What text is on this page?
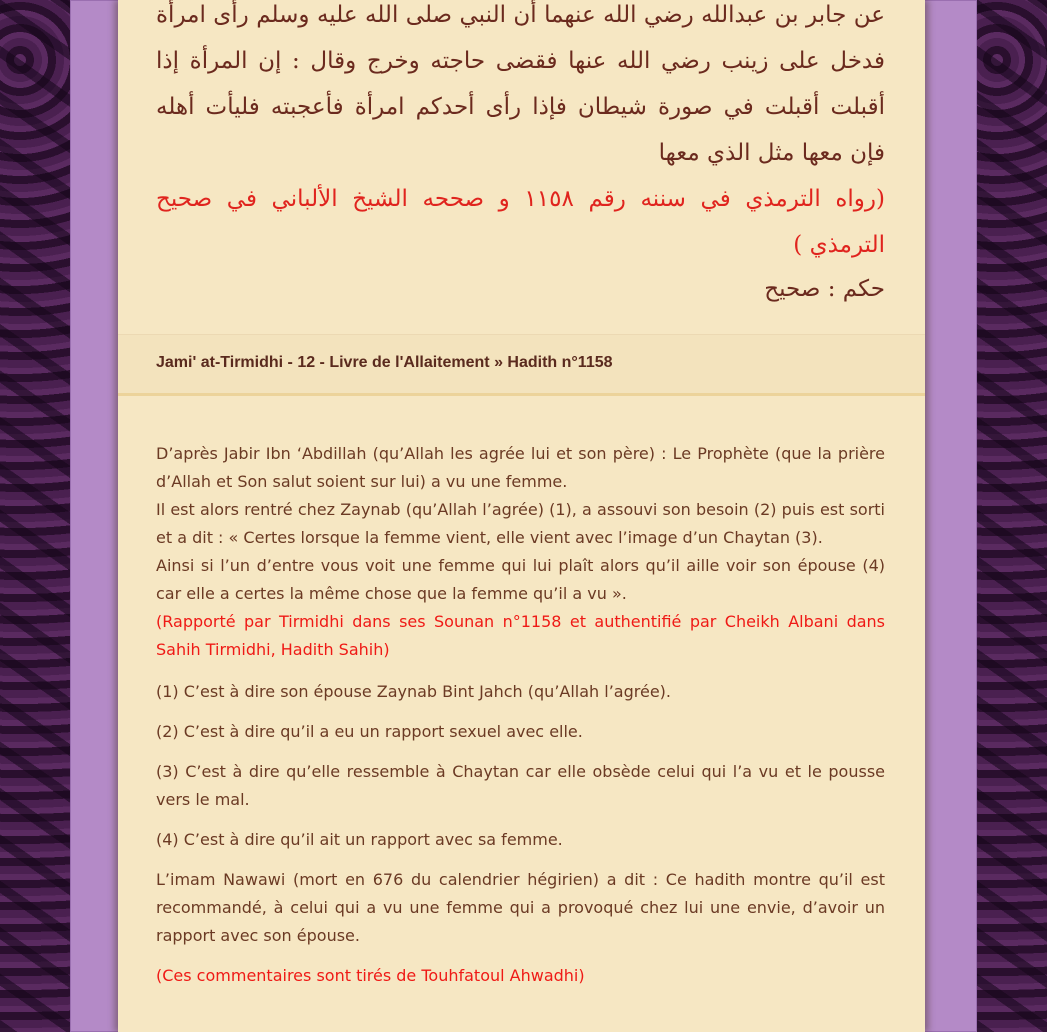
عن جابر بن عبدالله رضي الله عنهما أن النبي صلى الله عليه وسلم رأى امرأة فدخل على زينب رضي الله عنها فقضى حاجته وخرج وقال : إن المرأة إذا أقبلت أقبلت في صورة شيطان فإذا رأى أحدكم امرأة فأعجبته فليأت أهله فإن معها مثل الذي معها
(رواه الترمذي في سننه رقم ١١٥٨ و صححه الشيخ الألباني في صحيح الترمذي )

حكم : صحيح

Jami' at-Tirmidhi - 12 - Livre de l'Allaitement » Hadith n°1158

D’après Jabir Ibn ‘Abdillah (qu’Allah les agrée lui et son père) : Le Prophète (que la prière d’Allah et Son salut soient sur lui) a vu une femme.
Il est alors rentré chez Zaynab (qu’Allah l’agrée) (1), a assouvi son besoin (2) puis est sorti et a dit : « Certes lorsque la femme vient, elle vient avec l’image d’un Chaytan (3).
Ainsi si l’un d’entre vous voit une femme qui lui plaît alors qu’il aille voir son épouse (4) car elle a certes la même chose que la femme qu’il a vu ».
(Rapporté par Tirmidhi dans ses Sounan n°1158 et authentifié par Cheikh Albani dans Sahih Tirmidhi, Hadith Sahih)

(1) C’est à dire son épouse Zaynab Bint Jahch (qu’Allah l’agrée).

(2) C’est à dire qu’il a eu un rapport sexuel avec elle.

(3) C’est à dire qu’elle ressemble à Chaytan car elle obsède celui qui l’a vu et le pousse vers le mal.

(4) C’est à dire qu’il ait un rapport avec sa femme.

L’imam Nawawi (mort en 676 du calendrier hégirien) a dit : Ce hadith montre qu’il est recommandé, à celui qui a vu une femme qui a provoqué chez lui une envie, d’avoir un rapport avec son épouse.

(Ces commentaires sont tirés de Touhfatoul Ahwadhi)
